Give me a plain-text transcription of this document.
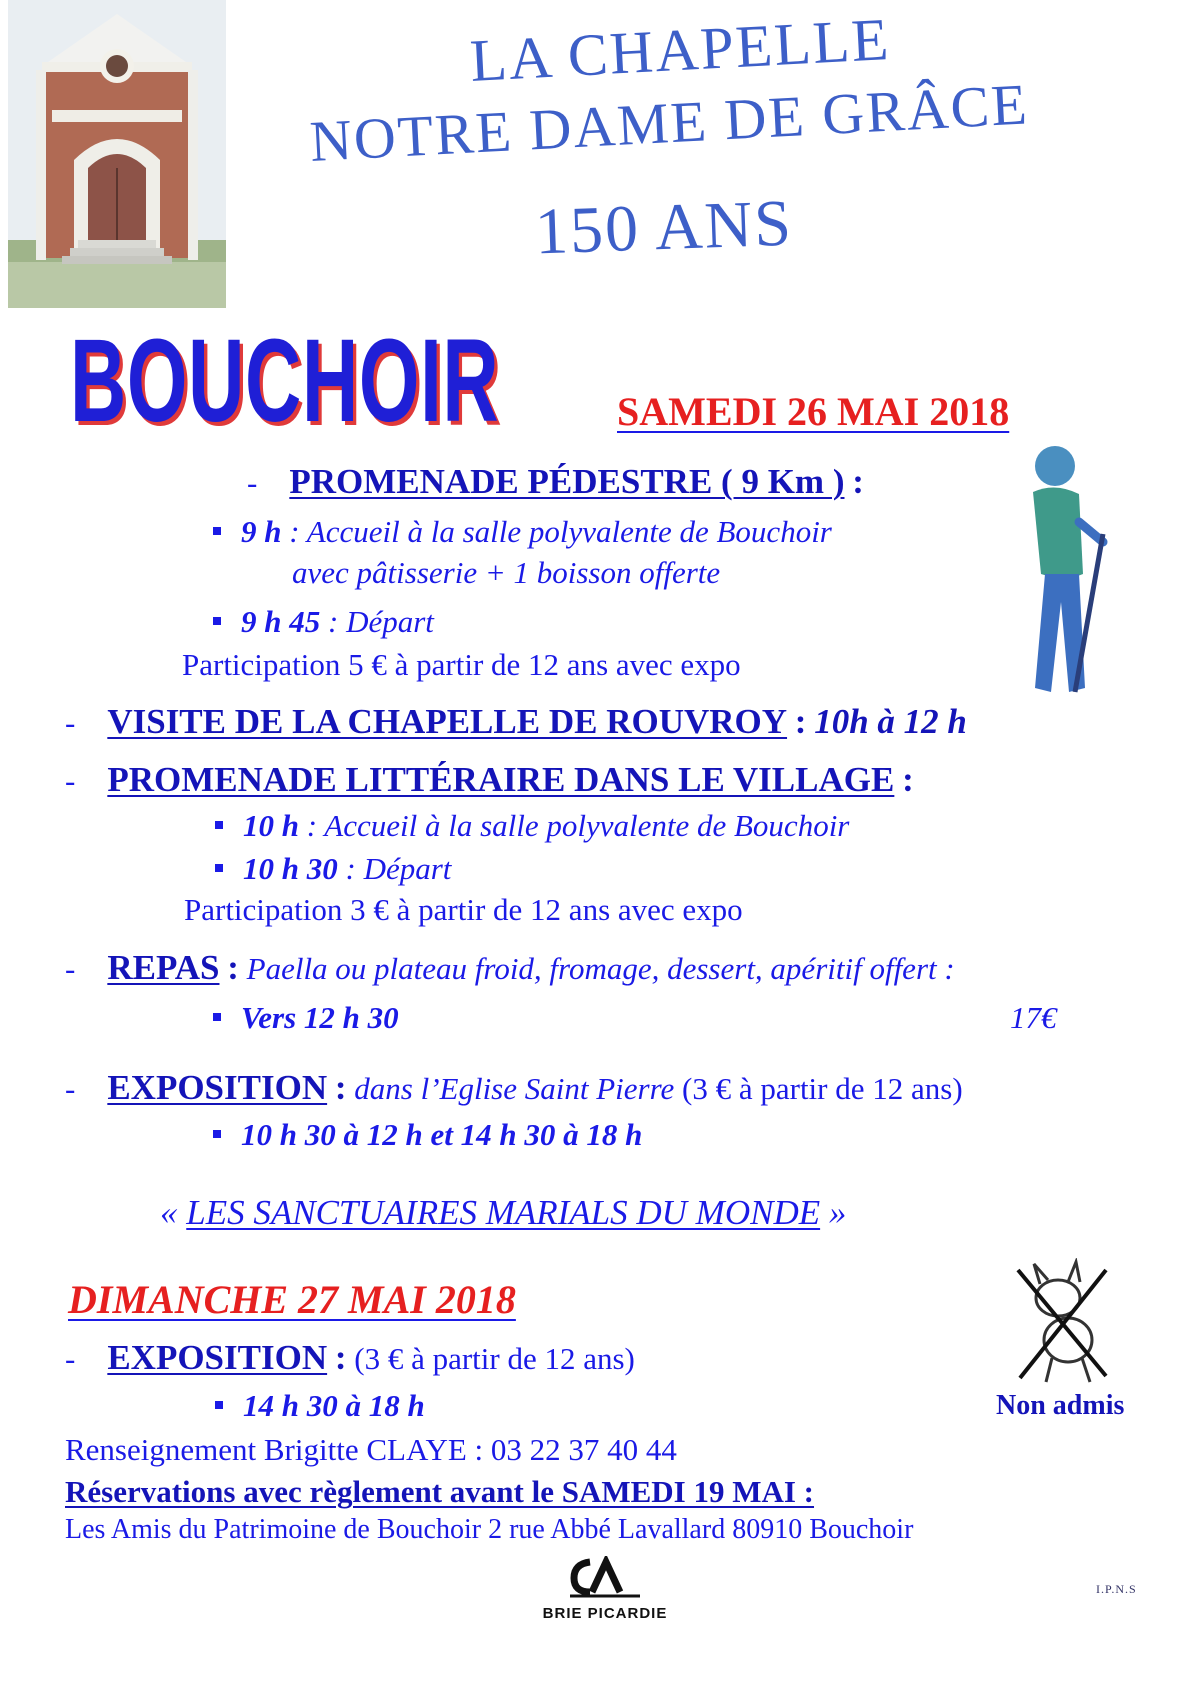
LA CHAPELLE
NOTRE DAME DE GRÂCE
150 ANS
BOUCHOIR	SAMEDI 26 MAI 2018
- PROMENADE PÉDESTRE ( 9 Km ) :
9 h : Accueil à la salle polyvalente de Bouchoir
avec pâtisserie + 1 boisson offerte
9 h 45 : Départ
Participation 5 € à partir de 12 ans avec expo
- VISITE DE LA CHAPELLE DE ROUVROY : 10h à 12 h
- PROMENADE LITTÉRAIRE DANS LE VILLAGE :
10 h : Accueil à la salle polyvalente de Bouchoir
10 h 30 : Départ
Participation 3 € à partir de 12 ans avec expo
- REPAS : Paella ou plateau froid, fromage, dessert, apéritif offert :
Vers 12 h 30	17€
- EXPOSITION : dans l’Eglise Saint Pierre (3 € à partir de 12 ans)
10 h 30 à 12 h et 14 h 30 à 18 h
« LES SANCTUAIRES MARIALS DU MONDE »
DIMANCHE 27 MAI 2018
- EXPOSITION : (3 € à partir de 12 ans)
14 h 30 à 18 h	Non admis
Renseignement Brigitte CLAYE : 03 22 37 40 44
Réservations avec règlement avant le SAMEDI 19 MAI :
Les Amis du Patrimoine de Bouchoir 2 rue Abbé Lavallard 80910 Bouchoir
BRIE PICARDIE
I.P.N.S
